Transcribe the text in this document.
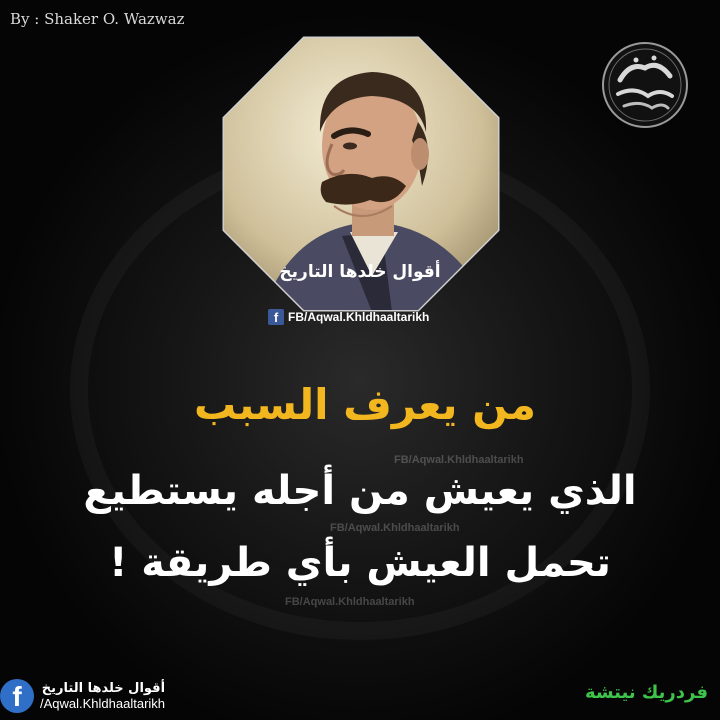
By : Shaker O. Wazwaz
أقوال خلدها التاريخ
f FB/Aqwal.Khldhaaltarikh
من يعرف السبب
FB/Aqwal.Khldhaaltarikh
الذي يعيش من أجله يستطيع
FB/Aqwal.Khldhaaltarikh
تحمل العيش بأي طريقة !
FB/Aqwal.Khldhaaltarikh
f	أقوال خلدها التاريخ
/Aqwal.Khldhaaltarikh
فردريك نيتشة
